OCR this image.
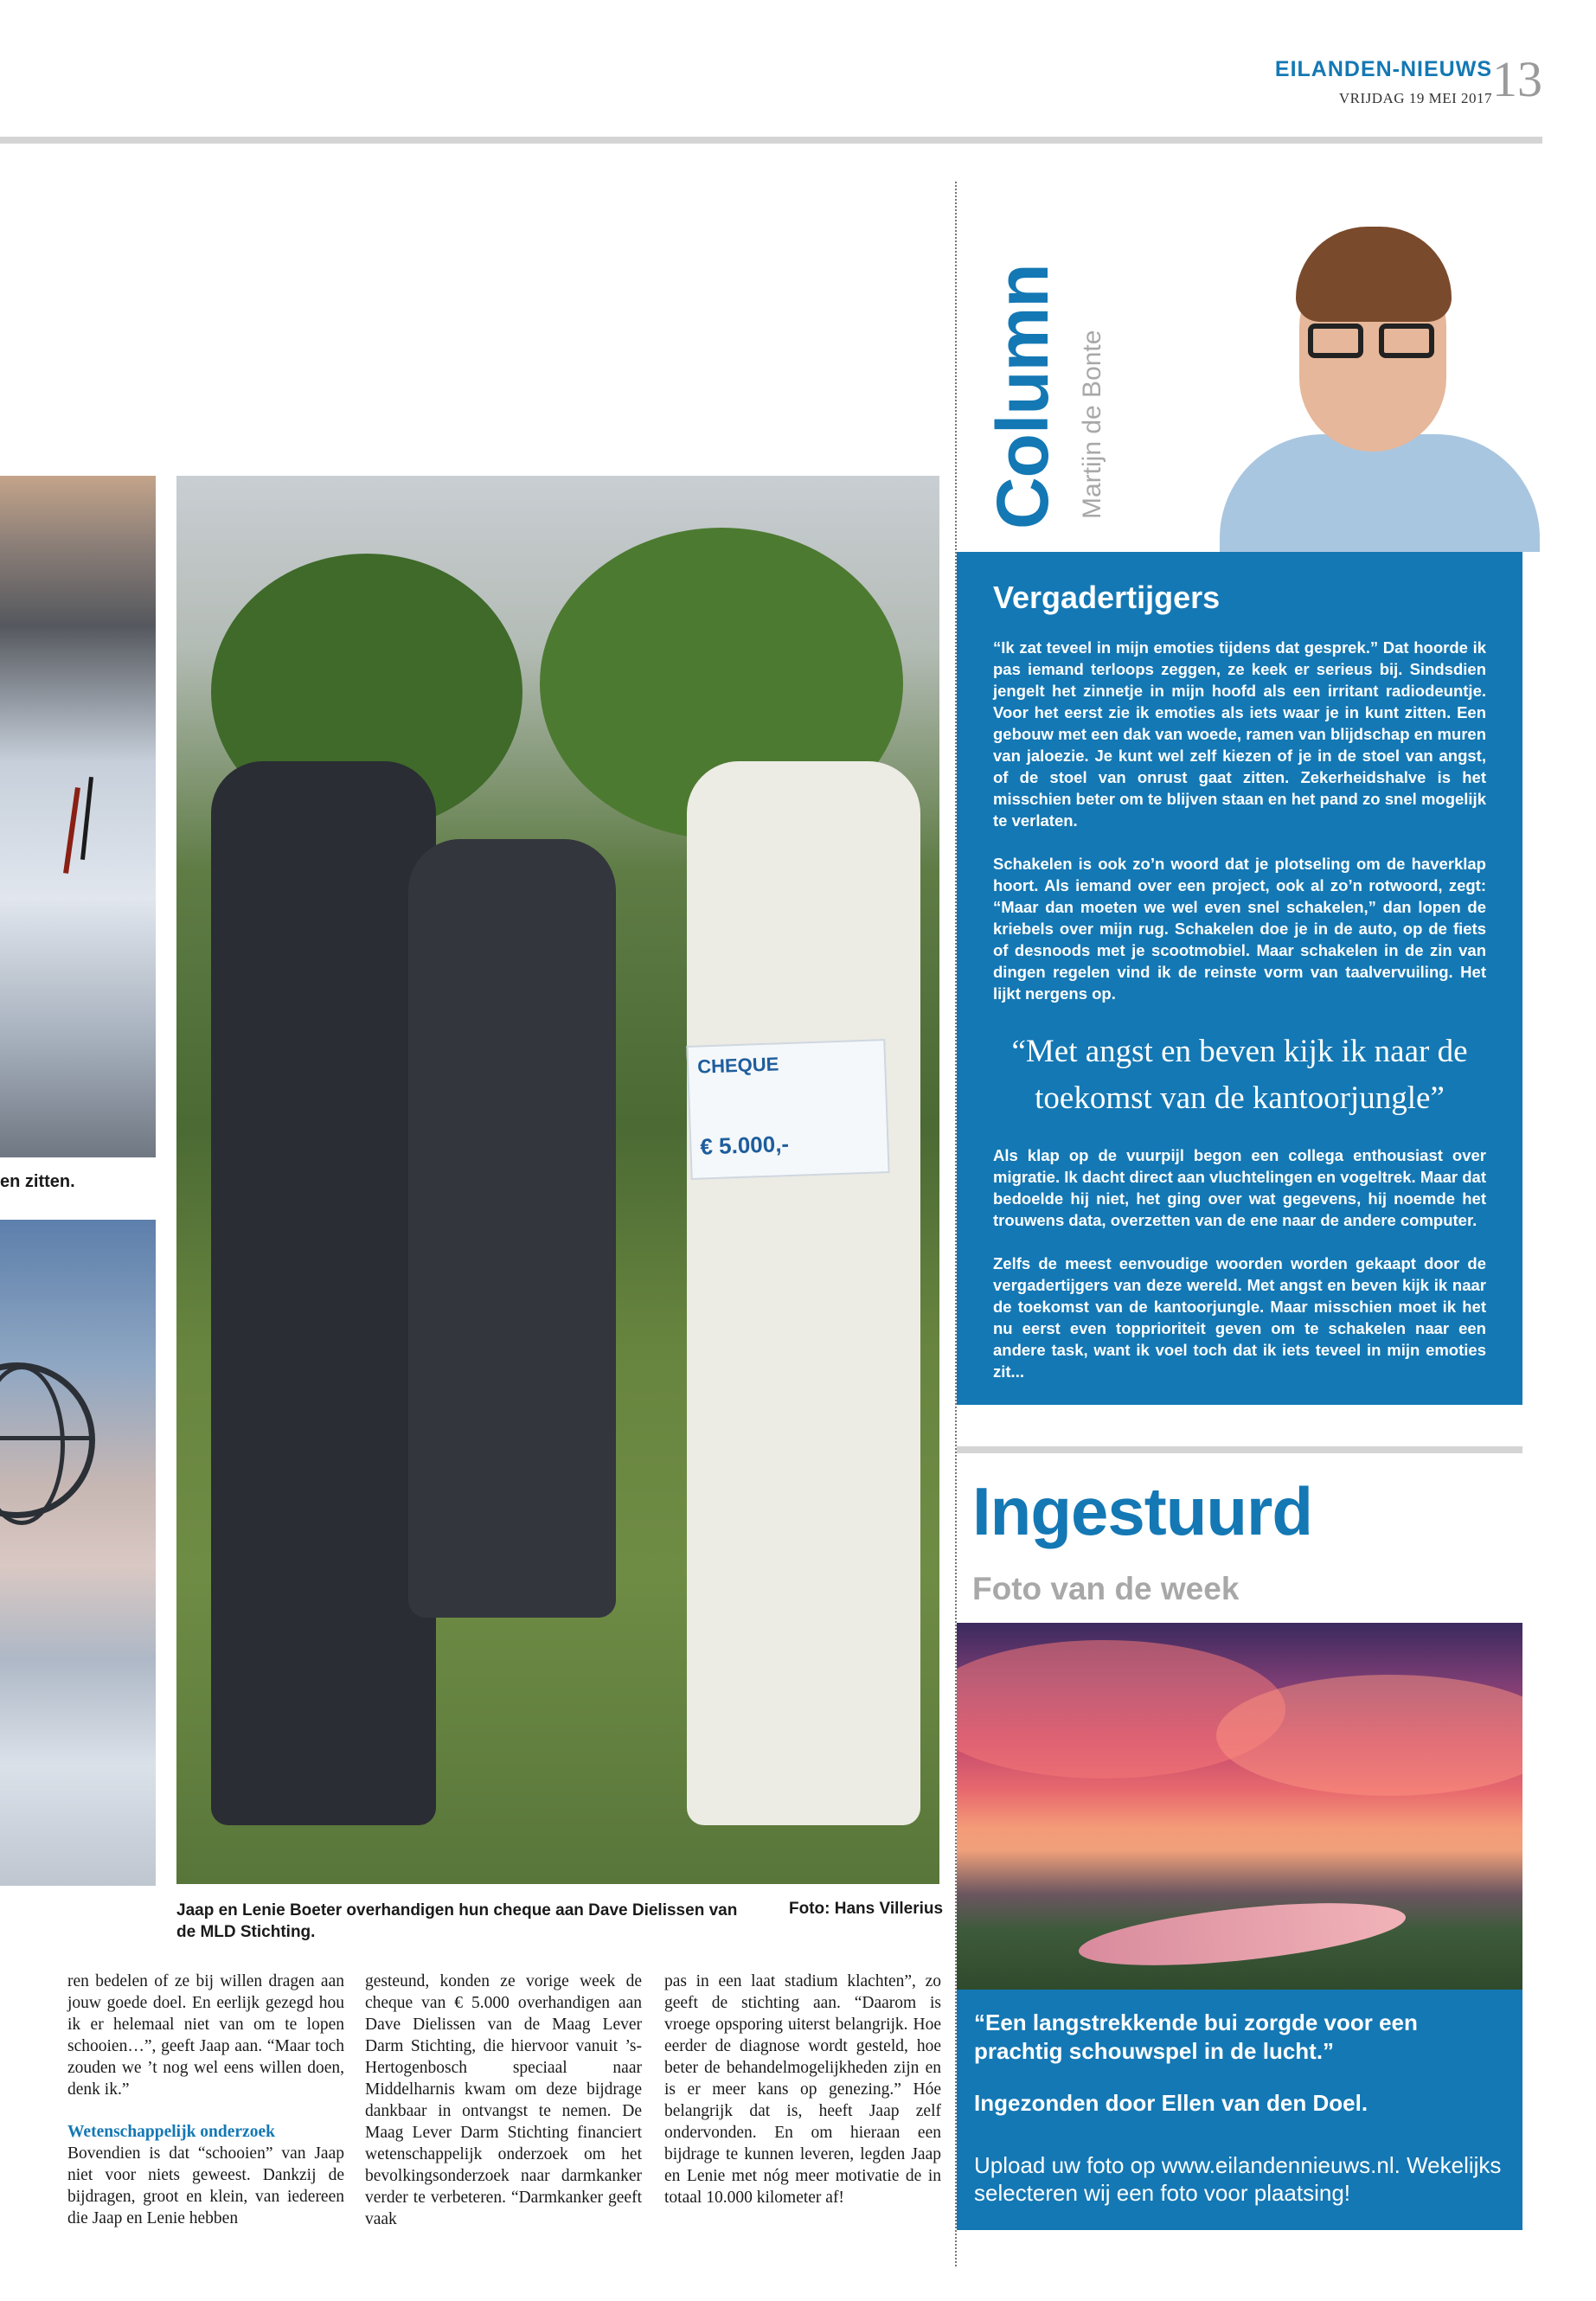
EILANDEN-NIEUWS
VRIJDAG 19 MEI 2017 13
en zitten.
CHEQUE
€ 5.000,-
Jaap en Lenie Boeter overhandigen hun cheque aan Dave Dielissen van de MLD Stichting.
Foto: Hans Villerius

ren bedelen of ze bij willen dragen aan jouw goede doel. En eerlijk gezegd hou ik er helemaal niet van om te lopen schooien…”, geeft Jaap aan. “Maar toch zouden we ’t nog wel eens willen doen, denk ik.”

Wetenschappelijk onderzoek

Bovendien is dat “schooien” van Jaap niet voor niets geweest. Dankzij de bijdragen, groot en klein, van iedereen die Jaap en Lenie hebben

gesteund, konden ze vorige week de cheque van € 5.000 overhandigen aan Dave Dielissen van de Maag Lever Darm Stichting, die hiervoor vanuit ’s-Hertogenbosch speciaal naar Middelharnis kwam om deze bijdrage dankbaar in ontvangst te nemen. De Maag Lever Darm Stichting financiert wetenschappelijk onderzoek om het bevolkingsonderzoek naar darmkanker verder te verbeteren. “Darmkanker geeft vaak

pas in een laat stadium klachten”, zo geeft de stichting aan. “Daarom is vroege opsporing uiterst belangrijk. Hoe eerder de diagnose wordt gesteld, hoe beter de behandelmogelijkheden zijn en is er meer kans op genezing.” Hóe belangrijk dat is, heeft Jaap zelf ondervonden. En om hieraan een bijdrage te kunnen leveren, legden Jaap en Lenie met nóg meer motivatie de in totaal 10.000 kilometer af!

Column Martijn de Bonte
Vergadertijgers

“Ik zat teveel in mijn emoties tijdens dat gesprek.” Dat hoorde ik pas iemand terloops zeggen, ze keek er serieus bij. Sindsdien jengelt het zinnetje in mijn hoofd als een irritant radiodeuntje. Voor het eerst zie ik emoties als iets waar je in kunt zitten. Een gebouw met een dak van woede, ramen van blijdschap en muren van jaloezie. Je kunt wel zelf kiezen of je in de stoel van angst, of de stoel van onrust gaat zitten. Zekerheidshalve is het misschien beter om te blijven staan en het pand zo snel mogelijk te verlaten.

Schakelen is ook zo’n woord dat je plotseling om de haverklap hoort. Als iemand over een project, ook al zo’n rotwoord, zegt: “Maar dan moeten we wel even snel schakelen,” dan lopen de kriebels over mijn rug. Schakelen doe je in de auto, op de fiets of desnoods met je scootmobiel. Maar schakelen in de zin van dingen regelen vind ik de reinste vorm van taalvervuiling. Het lijkt nergens op.

“Met angst en beven kijk ik naar de toekomst van de kantoorjungle”

Als klap op de vuurpijl begon een collega enthousiast over migratie. Ik dacht direct aan vluchtelingen en vogeltrek. Maar dat bedoelde hij niet, het ging over wat gegevens, hij noemde het trouwens data, overzetten van de ene naar de andere computer.

Zelfs de meest eenvoudige woorden worden gekaapt door de vergadertijgers van deze wereld. Met angst en beven kijk ik naar de toekomst van de kantoorjungle. Maar misschien moet ik het nu eerst even topprioriteit geven om te schakelen naar een andere task, want ik voel toch dat ik iets teveel in mijn emoties zit...

Ingestuurd
Foto van de week
“Een langstrekkende bui zorgde voor een prachtig schouwspel in de lucht.”
Ingezonden door Ellen van den Doel.
Upload uw foto op www.eilandennieuws.nl. Wekelijks selecteren wij een foto voor plaatsing!
